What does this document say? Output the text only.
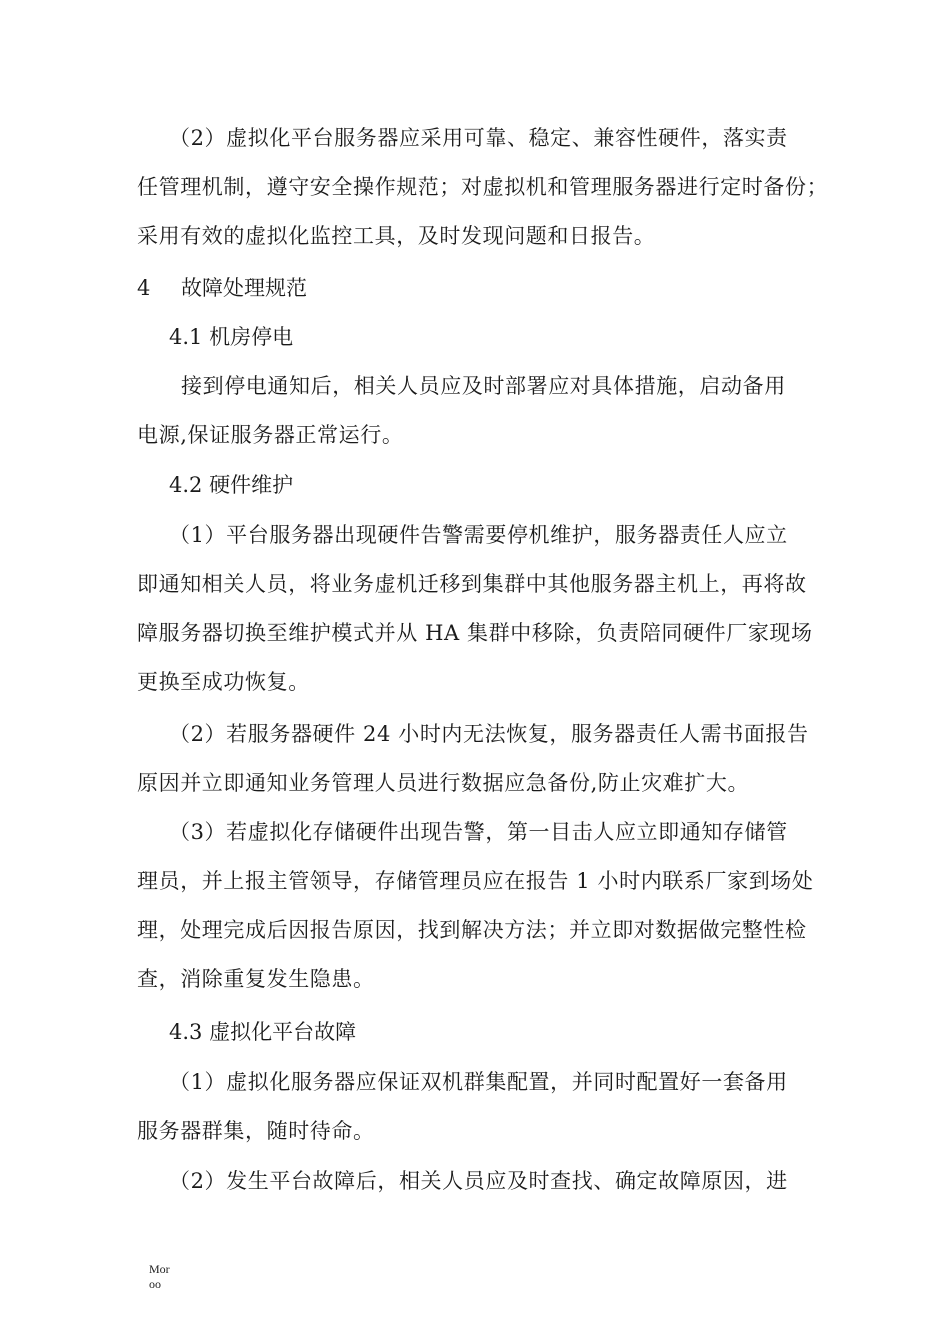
（2）虚拟化平台服务器应采用可靠、稳定、兼容性硬件，落实责
任管理机制，遵守安全操作规范；对虚拟机和管理服务器进行定时备份；
采用有效的虚拟化监控工具，及时发现问题和日报告。
4 故障处理规范
4.1 机房停电
接到停电通知后，相关人员应及时部署应对具体措施，启动备用
电源,保证服务器正常运行。
4.2 硬件维护
（1）平台服务器出现硬件告警需要停机维护，服务器责任人应立
即通知相关人员，将业务虚机迁移到集群中其他服务器主机上，再将故
障服务器切换至维护模式并从 HA 集群中移除，负责陪同硬件厂家现场
更换至成功恢复。
（2）若服务器硬件 24 小时内无法恢复，服务器责任人需书面报告
原因并立即通知业务管理人员进行数据应急备份,防止灾难扩大。
（3）若虚拟化存储硬件出现告警，第一目击人应立即通知存储管
理员，并上报主管领导，存储管理员应在报告 1 小时内联系厂家到场处
理，处理完成后因报告原因，找到解决方法；并立即对数据做完整性检
查，消除重复发生隐患。
4.3 虚拟化平台故障
（1）虚拟化服务器应保证双机群集配置，并同时配置好一套备用
服务器群集，随时待命。
（2）发生平台故障后，相关人员应及时查找、确定故障原因，进
Mor
oo
